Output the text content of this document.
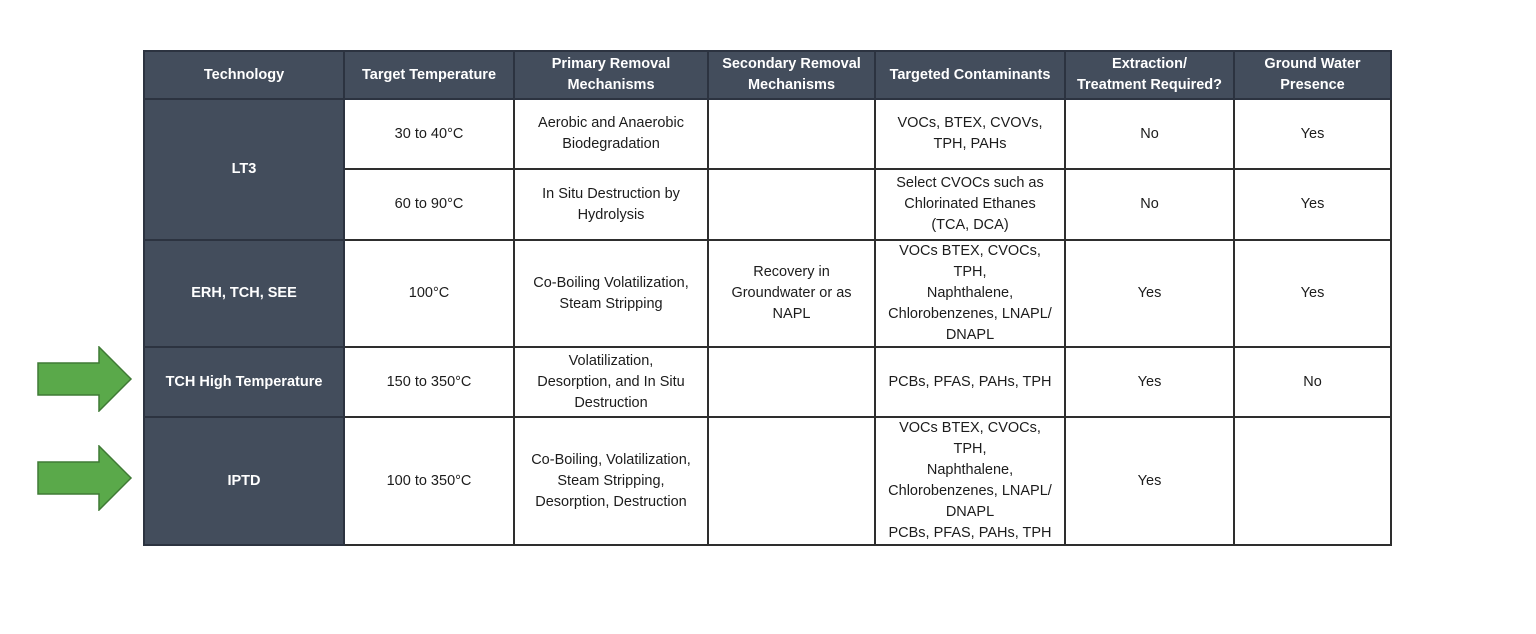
Technology	Target Temperature	Primary Removal
Mechanisms	Secondary Removal
Mechanisms	Targeted Contaminants	Extraction/
Treatment Required?	Ground Water
Presence

LT3	30 to 40°C	Aerobic and Anaerobic
Biodegradation		VOCs, BTEX, CVOVs,
TPH, PAHs	No	Yes
	60 to 90°C	In Situ Destruction by
Hydrolysis		Select CVOCs such as
Chlorinated Ethanes
(TCA, DCA)	No	Yes
ERH, TCH, SEE	100°C	Co-Boiling Volatilization,
Steam Stripping	Recovery in
Groundwater or as
NAPL	VOCs BTEX, CVOCs, TPH,
Naphthalene,
Chlorobenzenes, LNAPL/
DNAPL	Yes	Yes
TCH High Temperature	150 to 350°C	Volatilization,
Desorption, and In Situ
Destruction		PCBs, PFAS, PAHs, TPH	Yes	No
IPTD	100 to 350°C	Co-Boiling, Volatilization,
Steam Stripping,
Desorption, Destruction		VOCs BTEX, CVOCs, TPH,
Naphthalene,
Chlorobenzenes, LNAPL/
DNAPL
PCBs, PFAS, PAHs, TPH	Yes	
